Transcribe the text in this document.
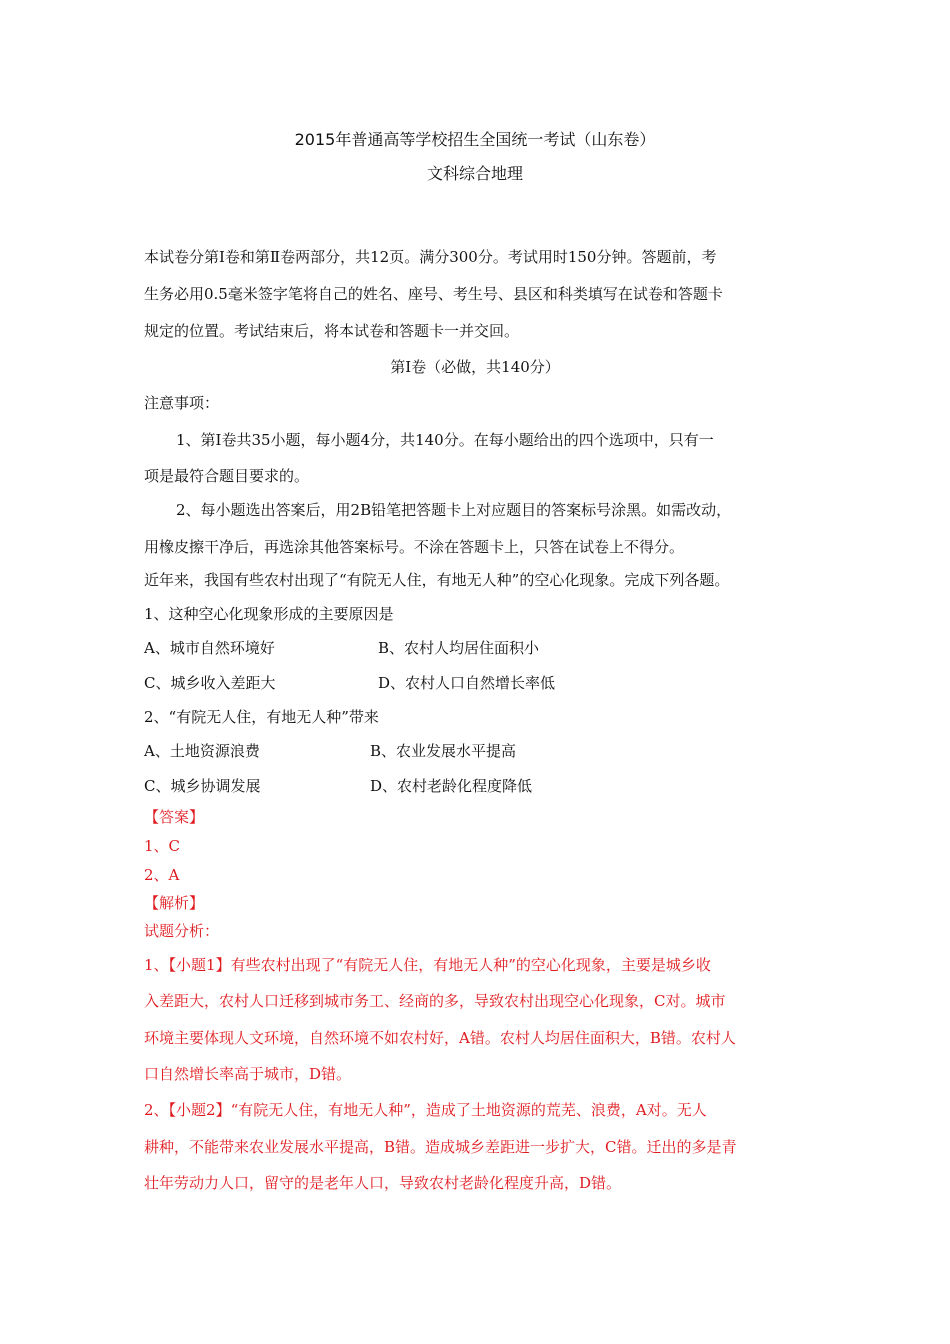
2015年普通高等学校招生全国统一考试（山东卷）
文科综合地理
本试卷分第Ⅰ卷和第Ⅱ卷两部分，共12页。满分300分。考试用时150分钟。答题前，考
生务必用0.5毫米签字笔将自己的姓名、座号、考生号、县区和科类填写在试卷和答题卡
规定的位置。考试结束后，将本试卷和答题卡一并交回。
第Ⅰ卷（必做，共140分）
注意事项：
1、第Ⅰ卷共35小题，每小题4分，共140分。在每小题给出的四个选项中，只有一
项是最符合题目要求的。
2、每小题选出答案后，用2B铅笔把答题卡上对应题目的答案标号涂黑。如需改动，
用橡皮擦干净后，再选涂其他答案标号。不涂在答题卡上，只答在试卷上不得分。
近年来，我国有些农村出现了“有院无人住，有地无人种”的空心化现象。完成下列各题。
1、这种空心化现象形成的主要原因是
A、城市自然环境好	B、农村人均居住面积小
C、城乡收入差距大	D、农村人口自然增长率低
2、“有院无人住，有地无人种”带来
A、土地资源浪费	B、农业发展水平提高
C、城乡协调发展	D、农村老龄化程度降低
【答案】
1、C
2、A
【解析】
试题分析：
1、【小题1】有些农村出现了“有院无人住，有地无人种”的空心化现象，主要是城乡收
入差距大，农村人口迁移到城市务工、经商的多，导致农村出现空心化现象，C对。城市
环境主要体现人文环境，自然环境不如农村好，A错。农村人均居住面积大，B错。农村人
口自然增长率高于城市，D错。
2、【小题2】“有院无人住，有地无人种”，造成了土地资源的荒芜、浪费，A对。无人
耕种，不能带来农业发展水平提高，B错。造成城乡差距进一步扩大，C错。迁出的多是青
壮年劳动力人口，留守的是老年人口，导致农村老龄化程度升高，D错。
